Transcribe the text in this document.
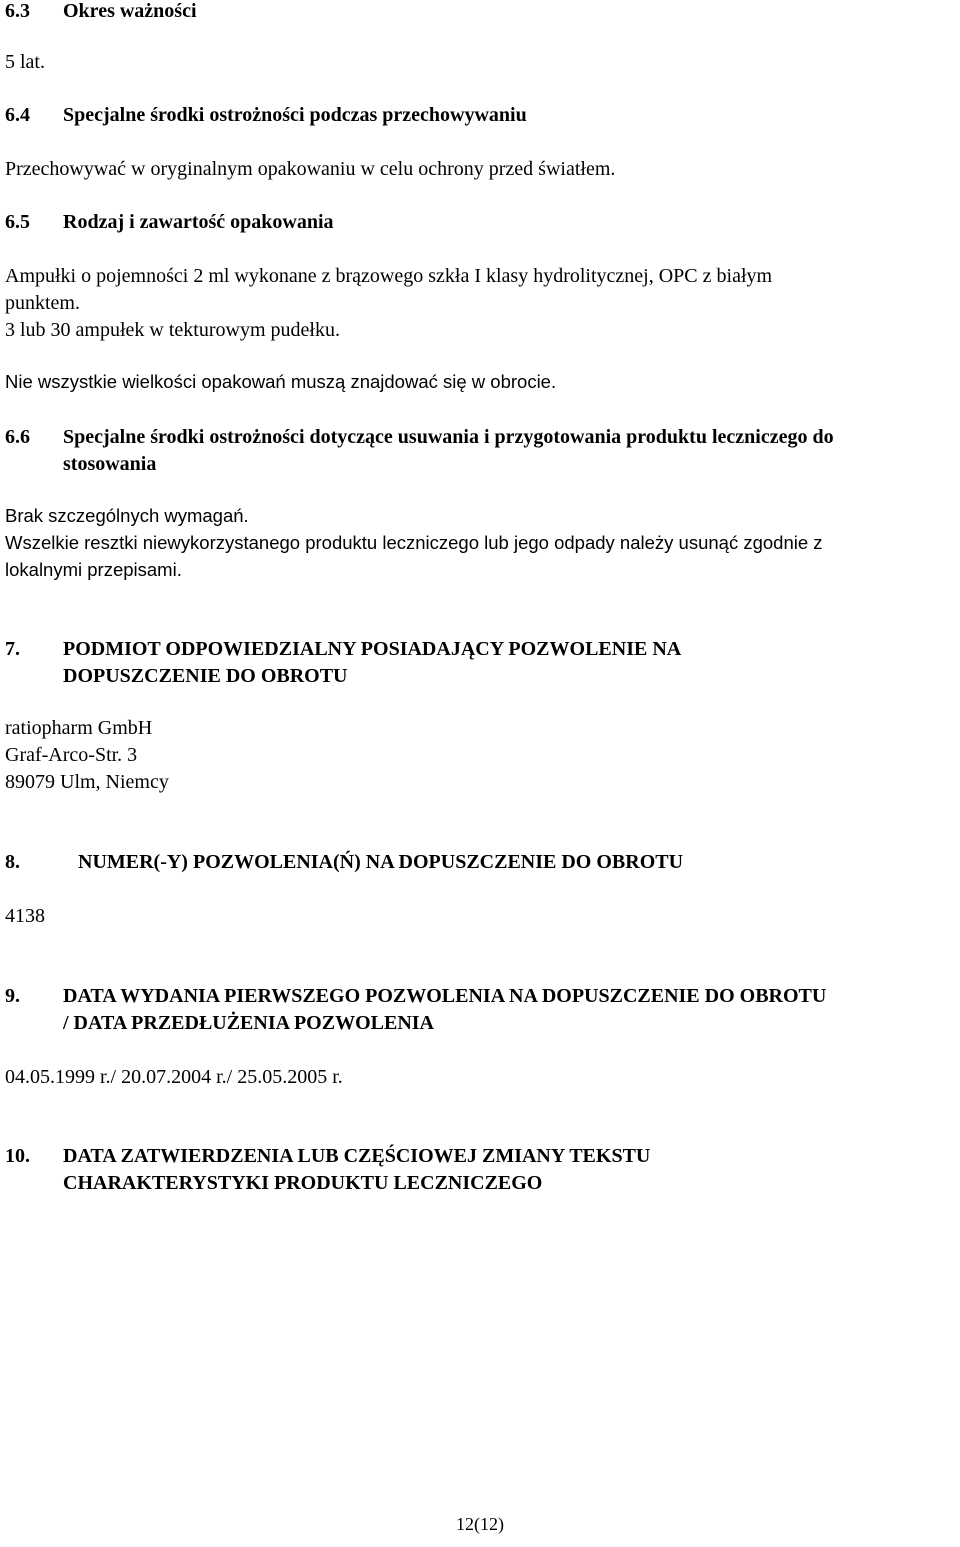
6.3 Okres ważności
5 lat.
6.4 Specjalne środki ostrożności podczas przechowywaniu
Przechowywać w oryginalnym opakowaniu w celu ochrony przed światłem.
6.5 Rodzaj i zawartość opakowania
Ampułki o pojemności 2 ml wykonane z brązowego szkła I klasy hydrolitycznej, OPC z białym
punktem.
3 lub 30 ampułek w tekturowym pudełku.
Nie wszystkie wielkości opakowań muszą znajdować się w obrocie.
6.6 Specjalne środki ostrożności dotyczące usuwania i przygotowania produktu leczniczego do
stosowania
Brak szczególnych wymagań.
Wszelkie resztki niewykorzystanego produktu leczniczego lub jego odpady należy usunąć zgodnie z
lokalnymi przepisami.
7. PODMIOT ODPOWIEDZIALNY POSIADAJĄCY POZWOLENIE NA
DOPUSZCZENIE DO OBROTU
ratiopharm GmbH
Graf-Arco-Str. 3
89079 Ulm, Niemcy
8.	NUMER(-Y) POZWOLENIA(Ń) NA DOPUSZCZENIE DO OBROTU
4138
9. DATA WYDANIA PIERWSZEGO POZWOLENIA NA DOPUSZCZENIE DO OBROTU
/ DATA PRZEDŁUŻENIA POZWOLENIA
04.05.1999 r./ 20.07.2004 r./ 25.05.2005 r.
10. DATA ZATWIERDZENIA LUB CZĘŚCIOWEJ ZMIANY TEKSTU
CHARAKTERYSTYKI PRODUKTU LECZNICZEGO
12(12)
